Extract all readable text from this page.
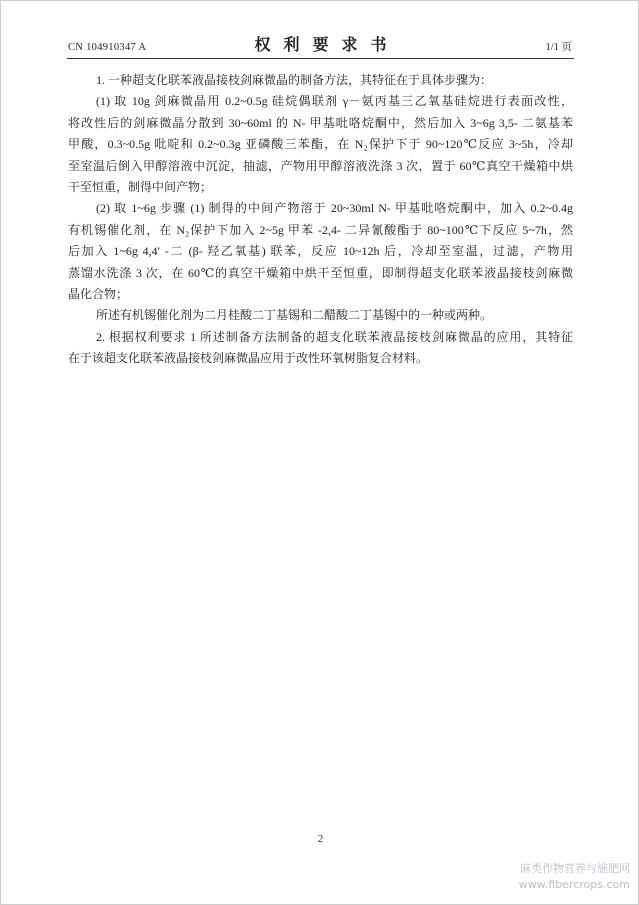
CN 104910347 A	权利要求书	1/1 页
1. 一种超支化联苯液晶接枝剑麻微晶的制备方法，其特征在于具体步骤为：
(1) 取 10g 剑麻微晶用 0.2~0.5g 硅烷偶联剂 γ－氨丙基三乙氧基硅烷进行表面改性，
将改性后的剑麻微晶分散到 30~60ml 的 N- 甲基吡咯烷酮中，然后加入 3~6g 3,5- 二氨基苯
甲酸，0.3~0.5g 吡啶和 0.2~0.3g 亚磷酸三苯酯，在 N₂保护下于 90~120℃反应 3~5h，冷却
至室温后倒入甲醇溶液中沉淀，抽滤，产物用甲醇溶液洗涤 3 次，置于 60℃真空干燥箱中烘
干至恒重，制得中间产物；
(2) 取 1~6g 步骤 (1) 制得的中间产物溶于 20~30ml N- 甲基吡咯烷酮中，加入 0.2~0.4g
有机锡催化剂，在 N₂保护下加入 2~5g 甲苯 -2,4- 二异氰酸酯于 80~100℃下反应 5~7h，然
后加入 1~6g 4,4′ -二 (β- 羟乙氧基) 联苯，反应 10~12h 后，冷却至室温，过滤，产物用
蒸馏水洗涤 3 次，在 60℃的真空干燥箱中烘干至恒重，即制得超支化联苯液晶接枝剑麻微
晶化合物；
所述有机锡催化剂为二月桂酸二丁基锡和二醋酸二丁基锡中的一种或两种。
2. 根据权利要求 1 所述制备方法制备的超支化联苯液晶接枝剑麻微晶的应用，其特征
在于该超支化联苯液晶接枝剑麻微晶应用于改性环氧树脂复合材料。
2
麻类作物营养与施肥网
www.fibercrops.com
